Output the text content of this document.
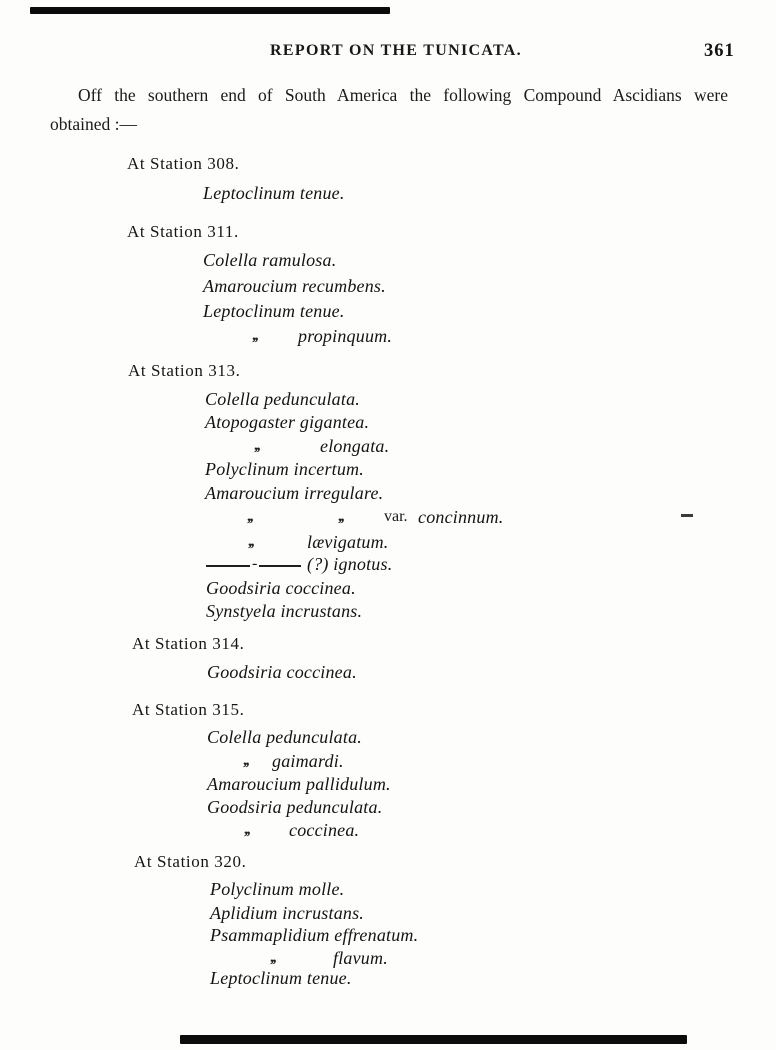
REPORT ON THE TUNICATA.	361
Off the southern end of South America the following Compound Ascidians were
obtained :—
At Station 308.
Leptoclinum tenue.
At Station 311.
Colella ramulosa.
Amaroucium recumbens.
Leptoclinum tenue.
,, propinquum.
At Station 313.
Colella pedunculata.
Atopogaster gigantea.
,,	elongata.
Polyclinum incertum.
Amaroucium irregulare.
,,	,,	var. concinnum.
,,	lævigatum.
-	(?) ignotus.
Goodsiria coccinea.
Synstyela incrustans.
At Station 314.
Goodsiria coccinea.
At Station 315.
Colella pedunculata.
,, gaimardi.
Amaroucium pallidulum.
Goodsiria pedunculata.
,, coccinea.
At Station 320.
Polyclinum molle.
Aplidium incrustans.
Psammaplidium effrenatum.
,,	flavum.
Leptoclinum tenue.
